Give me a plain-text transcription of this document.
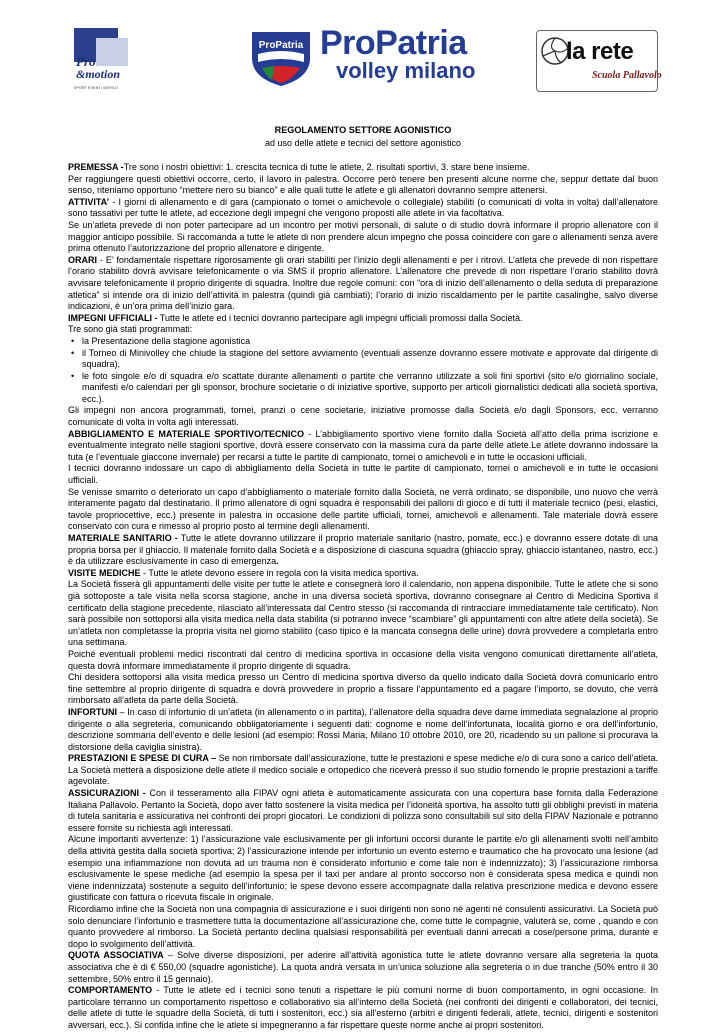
Pro
&motion
SPORT EVENTI SERVIZI
ProPatria ProPatria
volley milano
la rete
Scuola Pallavolo
REGOLAMENTO SETTORE AGONISTICO
ad uso delle atlete e tecnici del settore agonistico

PREMESSA -Tre sono i nostri obiettivi: 1. crescita tecnica di tutte le atlete, 2. risultati sportivi, 3. stare bene insieme.

Per raggiungere questi obiettivi occorre, certo, il lavoro in palestra. Occorre però tenere ben presenti alcune norme che, seppur dettate dal buon senso, riteniamo opportuno “mettere nero su bianco” e alle quali tutte le atlete e gli allenatori dovranno sempre attenersi.

ATTIVITA’ - I giorni di allenamento e di gara (campionato o tornei o amichevole o collegiale) stabiliti (o comunicati di volta in volta) dall’allenatore sono tassativi per tutte le atlete, ad eccezione degli impegni che vengono proposti alle atlete in via facoltativa.

Se un’atleta prevede di non poter partecipare ad un incontro per motivi personali, di salute o di studio dovrà informare il proprio allenatore con il maggior anticipo possibile. Si raccomanda a tutte le atlete di non prendere alcun impegno che possa coincidere con gare o allenamenti senza avere prima ottenuto l’autorizzazione del proprio allenatore e dirigente.

ORARI - E’ fondamentale rispettare rigorosamente gli orari stabiliti per l’inizio degli allenamenti e per i ritrovi. L’atleta che prevede di non rispettare l’orario stabilito dovrà avvisare telefonicamente o via SMS il proprio allenatore. L’allenatore che prevede di non rispettare l’orario stabilito dovrà avvisare telefonicamente il proprio dirigente di squadra. Inoltre due regole comuni: con “ora di inizio dell’allenamento o della seduta di preparazione atletica” si intende ora di inizio dell’attività in palestra (quindi già cambiati); l’orario di inizio riscaldamento per le partite casalinghe, salvo diverse indicazioni, è un’ora prima dell’inizio gara.

IMPEGNI UFFICIALI - Tutte le atlete ed i tecnici dovranno partecipare agli impegni ufficiali promossi dalla Società.

Tre sono già stati programmati:

• la Presentazione della stagione agonistica
• il Torneo di Minivolley che chiude la stagione del settore avviamento (eventuali assenze dovranno essere motivate e approvate dal dirigente di squadra),
• le foto singole e/o di squadra e/o scattate durante allenamenti o partite che verranno utilizzate a soli fini sportivi (sito e/o giornalino sociale, manifesti e/o calendari per gli sponsor, brochure societarie o di iniziative sportive, supporto per articoli giornalistici dedicati alla società sportiva, ecc.).

Gli impegni non ancora programmati, tornei, pranzi o cene societarie, iniziative promosse dalla Società e/o dagli Sponsors, ecc. verranno comunicate di volta in volta agli interessati.

ABBIGLIAMENTO E MATERIALE SPORTIVO/TECNICO - L’abbigliamento sportivo viene fornito dalla Società all’atto della prima iscrizione e eventualmente integrato nelle stagioni sportive, dovrà essere conservato con la massima cura da parte delle atlete.Le atlete dovranno indossare la tuta (e l’eventuale giaccone invernale) per recarsi a tutte le partite di campionato, tornei o amichevoli e in tutte le occasioni ufficiali.

I tecnici dovranno indossare un capo di abbigliamento della Società in tutte le partite di campionato, tornei o amichevoli e in tutte le occasioni ufficiali.

Se venisse smarrito o deteriorato un capo d’abbigliamento o materiale fornito dalla Società, ne verrà ordinato, se disponibile, uno nuovo che verrà interamente pagato dal destinatario. Il primo allenatore di ogni squadra è responsabili dei palloni di gioco e di tutti il materiale tecnico (pesi, elastici, tavole propriocettive, ecc.) presente in palestra in occasione delle partite ufficiali, tornei, amichevoli e allenamenti. Tale materiale dovrà essere conservato con cura e rimesso al proprio posto al termine degli allenamenti.

MATERIALE SANITARIO - Tutte le atlete dovranno utilizzare il proprio materiale sanitario (nastro, pomate, ecc.) e dovranno essere dotate di una propria borsa per il ghiaccio. Il materiale fornito dalla Società e a disposizione di ciascuna squadra (ghiaccio spray, ghiaccio istantaneo, nastro, ecc.) è da utilizzare esclusivamente in caso di emergenza.

VISITE MEDICHE - Tutte le atlete devono essere in regola con la visita medica sportiva.

La Società fisserà gli appuntamenti delle visite per tutte le atlete e consegnerà loro il calendario, non appena disponibile. Tutte le atlete che si sono già sottoposte a tale visita nella scorsa stagione, anche in una diversa società sportiva, dovranno consegnare al Centro di Medicina Sportiva il certificato della stagione precedente, rilasciato all’interessata dal Centro stesso (si raccomanda di rintracciare immediatamente tale certificato). Non sarà possibile non sottoporsi alla visita medica nella data stabilita (si potranno invece “scambiare” gli appuntamenti con altre atlete della società). Se un’atleta non completasse la propria visita nel giorno stabilito (caso tipico è la mancata consegna delle urine) dovrà provvedere a completarla entro una settimana.

Poiché eventuali problemi medici riscontrati dal centro di medicina sportiva in occasione della visita vengono comunicati direttamente all’atleta, questa dovrà informare immediatamente il proprio dirigente di squadra.

Chi desidera sottoporsi alla visita medica presso un Centro di medicina sportiva diverso da quello indicato dalla Società dovrà comunicarlo entro fine settembre al proprio dirigente di squadra e dovrà provvedere in proprio a fissare l’appuntamento ed a pagare l’importo, se dovuto, che verrà rimborsato all’atleta da parte della Società.

INFORTUNI – In caso di infortunio di un’atleta (in allenamento o in partita), l’allenatore della squadra deve darne immediata segnalazione al proprio dirigente o alla segreteria, comunicando obbligatoriamente i seguenti dati: cognome e nome dell’infortunata, località giorno e ora dell’infortunio, descrizione sommaria dell’evento e delle lesioni (ad esempio: Rossi Maria, Milano 10 ottobre 2010, ore 20, ricadendo su un pallone si procurava la distorsione della caviglia sinistra).

PRESTAZIONI E SPESE DI CURA – Se non rimborsate dall’assicurazione, tutte le prestazioni e spese mediche e/o di cura sono a carico dell’atleta. La Società metterà a disposizione delle atlete il medico sociale e ortopedico che riceverà presso il suo studio fornendo le proprie prestazioni a tariffe agevolate.

ASSICURAZIONI - Con il tesseramento alla FIPAV ogni atleta è automaticamente assicurata con una copertura base fornita dalla Federazione Italiana Pallavolo. Pertanto la Società, dopo aver fatto sostenere la visita medica per l’idoneità sportiva, ha assolto tutti gli obblighi previsti in materia di tutela sanitaria e assicurativa nei confronti dei propri giocatori. Le condizioni di polizza sono consultabili sul sito della FIPAV Nazionale e potranno essere fornite su richiesta agli interessati.

Alcune importanti avvertenze: 1) l’assicurazione vale esclusivamente per gli infortuni occorsi durante le partite e/o gli allenamenti svolti nell’ambito della attività gestita dalla società sportiva; 2) l’assicurazione intende per infortunio un evento esterno e traumatico che ha provocato una lesione (ad esempio una infiammazione non dovuta ad un trauma non è considerato infortunio e come tale non è indennizzato); 3) l’assicurazione rimborsa esclusivamente le spese mediche (ad esempio la spesa per il taxi per andare al pronto soccorso non è considerata spesa medica e quindi non viene indennizzata) sostenute a seguito dell’infortunio; le spese devono essere accompagnate dalla relativa prescrizione medica e devono essere giustificate con fattura o ricevuta fiscale in originale.

Ricordiamo infine che la Società non una compagnia di assicurazione e i suoi dirigenti non sono né agenti né consulenti assicurativi. La Società può solo denunciare l’infortunio e trasmettere tutta la documentazione all’assicurazione che, come tutte le compagnie, valuterà se, come , quando e con quanto provvedere al rimborso. La Società pertanto declina qualsiasi responsabilità per eventuali danni arrecati a cose/persone prima, durante e dopo lo svolgimento dell’attività.

QUOTA ASSOCIATIVA – Solve diverse disposizioni, per aderire all’attività agonistica tutte le atlete dovranno versare alla segreteria la quota associativa che è di € 550,00 (squadre agonistiche). La quota andrà versata in un’unica soluzione alla segreteria o in due tranche (50% entro il 30 settembre, 50% entro il 15 gennaio).

COMPORTAMENTO - Tutte le atlete ed i tecnici sono tenuti a rispettare le più comuni norme di buon comportamento, in ogni occasione. In particolare terranno un comportamento rispettoso e collaborativo sia all’interno della Società (nei confronti dei dirigenti e collaboratori, dei tecnici, delle atlete di tutte le squadre della Società, di tutti i sostenitori, ecc.) sia all’esterno (arbitri e dirigenti federali, atlete, tecnici, dirigenti e sostenitori avversari, ecc.). Si confida infine che le atlete si impegneranno a far rispettare queste norme anche ai propri sostenitori.
